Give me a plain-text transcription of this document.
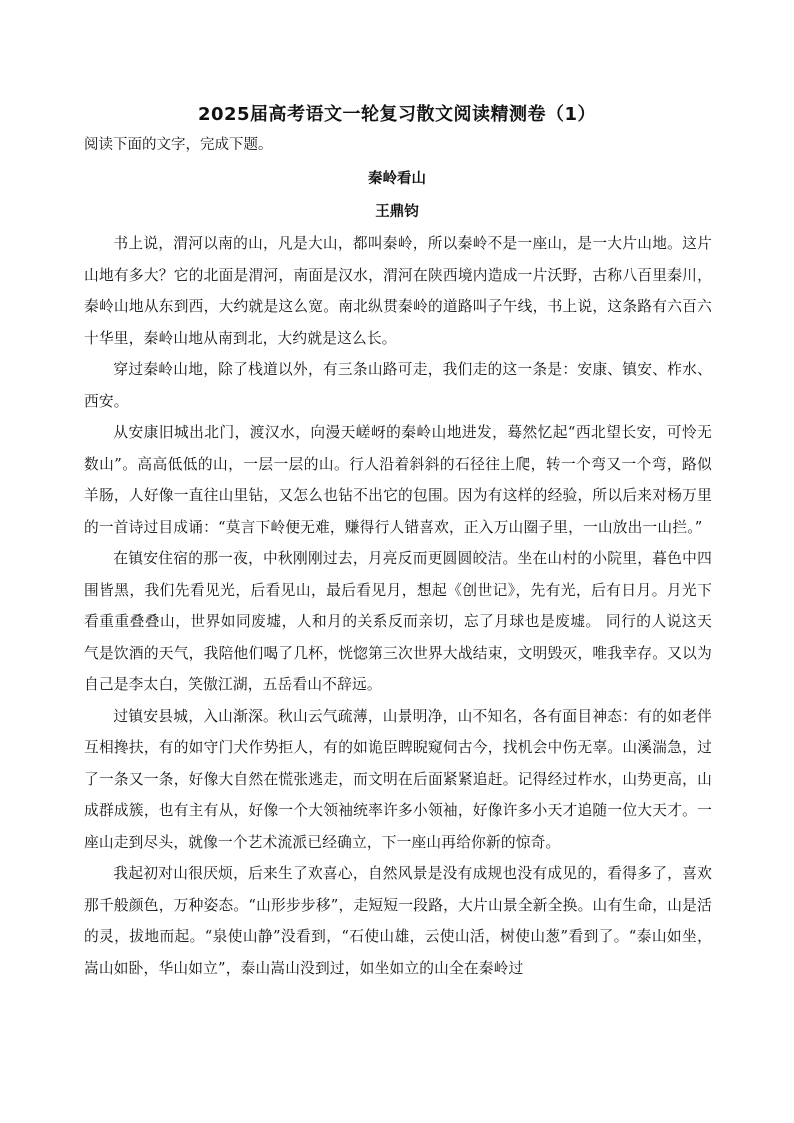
2025届高考语文一轮复习散文阅读精测卷（1）
阅读下面的文字，完成下题。
秦岭看山
王鼎钧

书上说，渭河以南的山，凡是大山，都叫秦岭，所以秦岭不是一座山，是一大片山地。这片山地有多大？它的北面是渭河，南面是汉水，渭河在陕西境内造成一片沃野，古称八百里秦川，秦岭山地从东到西，大约就是这么宽。南北纵贯秦岭的道路叫子午线，书上说，这条路有六百六十华里，秦岭山地从南到北，大约就是这么长。

穿过秦岭山地，除了栈道以外，有三条山路可走，我们走的这一条是：安康、镇安、柞水、西安。

从安康旧城出北门，渡汉水，向漫天嵯岈的秦岭山地进发，蓦然忆起“西北望长安，可怜无数山”。高高低低的山，一层一层的山。行人沿着斜斜的石径往上爬，转一个弯又一个弯，路似羊肠，人好像一直往山里钻，又怎么也钻不出它的包围。因为有这样的经验，所以后来对杨万里的一首诗过目成诵：“莫言下岭便无难，赚得行人错喜欢，正入万山圈子里，一山放出一山拦。”

在镇安住宿的那一夜，中秋刚刚过去，月亮反而更圆圆皎洁。坐在山村的小院里，暮色中四围皆黑，我们先看见光，后看见山，最后看见月，想起《创世记》，先有光，后有日月。月光下看重重叠叠山，世界如同废墟，人和月的关系反而亲切，忘了月球也是废墟。 同行的人说这天气是饮酒的天气，我陪他们喝了几杯，恍惚第三次世界大战结束，文明毁灭，唯我幸存。又以为自己是李太白，笑傲江湖，五岳看山不辞远。

过镇安县城，入山渐深。秋山云气疏薄，山景明净，山不知名，各有面目神态：有的如老伴互相搀扶，有的如守门犬作势拒人，有的如诡臣睥睨窥伺古今，找机会中伤无辜。山溪湍急，过了一条又一条，好像大自然在慌张逃走，而文明在后面紧紧追赶。记得经过柞水，山势更高，山成群成簇，也有主有从，好像一个大领袖统率许多小领袖，好像许多小天才追随一位大天才。一座山走到尽头，就像一个艺术流派已经确立，下一座山再给你新的惊奇。

我起初对山很厌烦，后来生了欢喜心，自然风景是没有成规也没有成见的，看得多了，喜欢那千般颜色，万种姿态。“山形步步移”，走短短一段路，大片山景全新全换。山有生命，山是活的灵，拔地而起。“泉使山静”没看到，“石使山雄，云使山活，树使山葱”看到了。“泰山如坐，嵩山如卧，华山如立”，泰山嵩山没到过，如坐如立的山全在秦岭过
